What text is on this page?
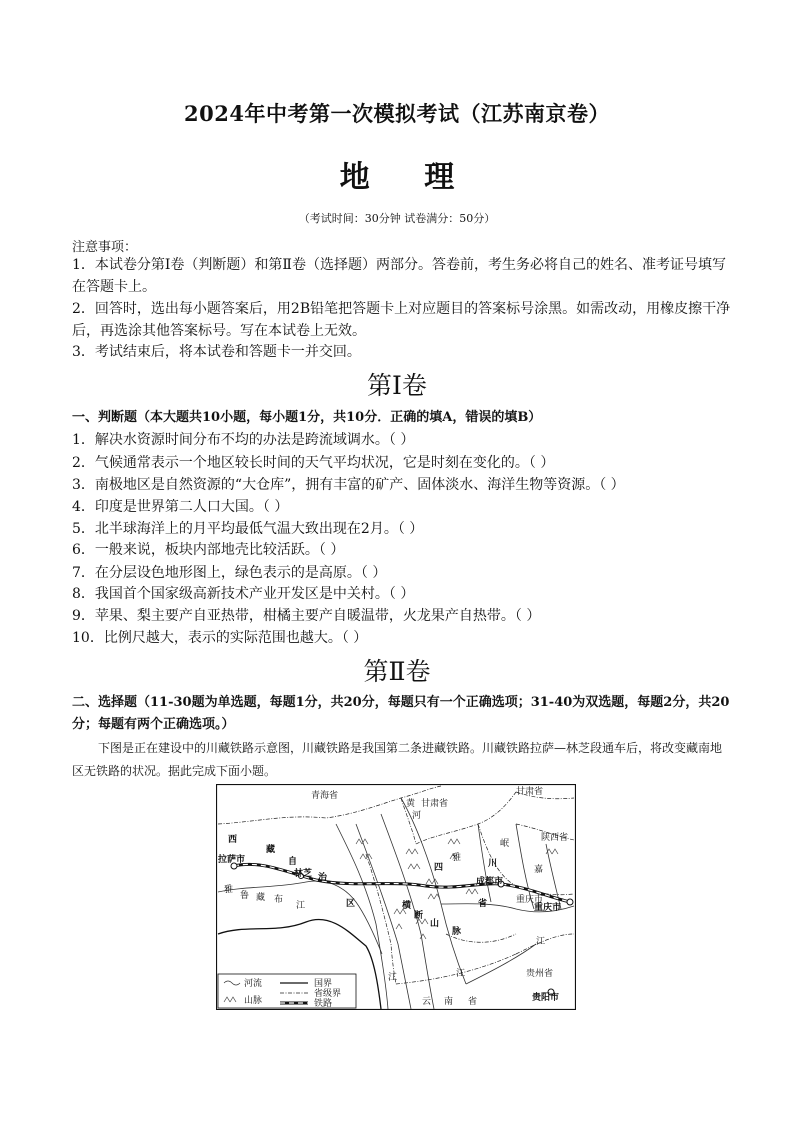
2024年中考第一次模拟考试（江苏南京卷）
地 理
（考试时间：30分钟 试卷满分：50分）
注意事项：
1．本试卷分第Ⅰ卷（判断题）和第Ⅱ卷（选择题）两部分。答卷前，考生务必将自己的姓名、准考证号填写在答题卡上。
2．回答时，选出每小题答案后，用2B铅笔把答题卡上对应题目的答案标号涂黑。如需改动，用橡皮擦干净后，再选涂其他答案标号。写在本试卷上无效。
3．考试结束后，将本试卷和答题卡一并交回。
第Ⅰ卷
一、判断题（本大题共10小题，每小题1分，共10分．正确的填A，错误的填B）
1．解决水资源时间分布不均的办法是跨流域调水。（ ）
2．气候通常表示一个地区较长时间的天气平均状况，它是时刻在变化的。（ ）
3．南极地区是自然资源的“大仓库”，拥有丰富的矿产、固体淡水、海洋生物等资源。（ ）
4．印度是世界第二人口大国。（ ）
5．北半球海洋上的月平均最低气温大致出现在2月。（ ）
6．一般来说，板块内部地壳比较活跃。（ ）
7．在分层设色地形图上，绿色表示的是高原。（ ）
8．我国首个国家级高新技术产业开发区是中关村。（ ）
9．苹果、梨主要产自亚热带，柑橘主要产自暖温带，火龙果产自热带。（ ）
10．比例尺越大，表示的实际范围也越大。（ ）
第Ⅱ卷
二、选择题（11-30题为单选题，每题1分，共20分，每题只有一个正确选项；31-40为双选题，每题2分，共20分；每题有两个正确选项。）
下图是正在建设中的川藏铁路示意图，川藏铁路是我国第二条进藏铁路。川藏铁路拉萨—林芝段通车后，将改变藏南地区无铁路的状况。据此完成下面小题。
青海省
甘肃省
甘肃省
陕西省
西
藏
自
治
区
拉萨市
林芝
雅
鲁 藏 布
江
四	川
省
成都市
重庆市
重庆市
横
断
山
脉
云 南 省
贵州省
贵阳市
黄
河
江	江
江
岷
嘉
雅
河流
山脉
国界
省级界
铁路
